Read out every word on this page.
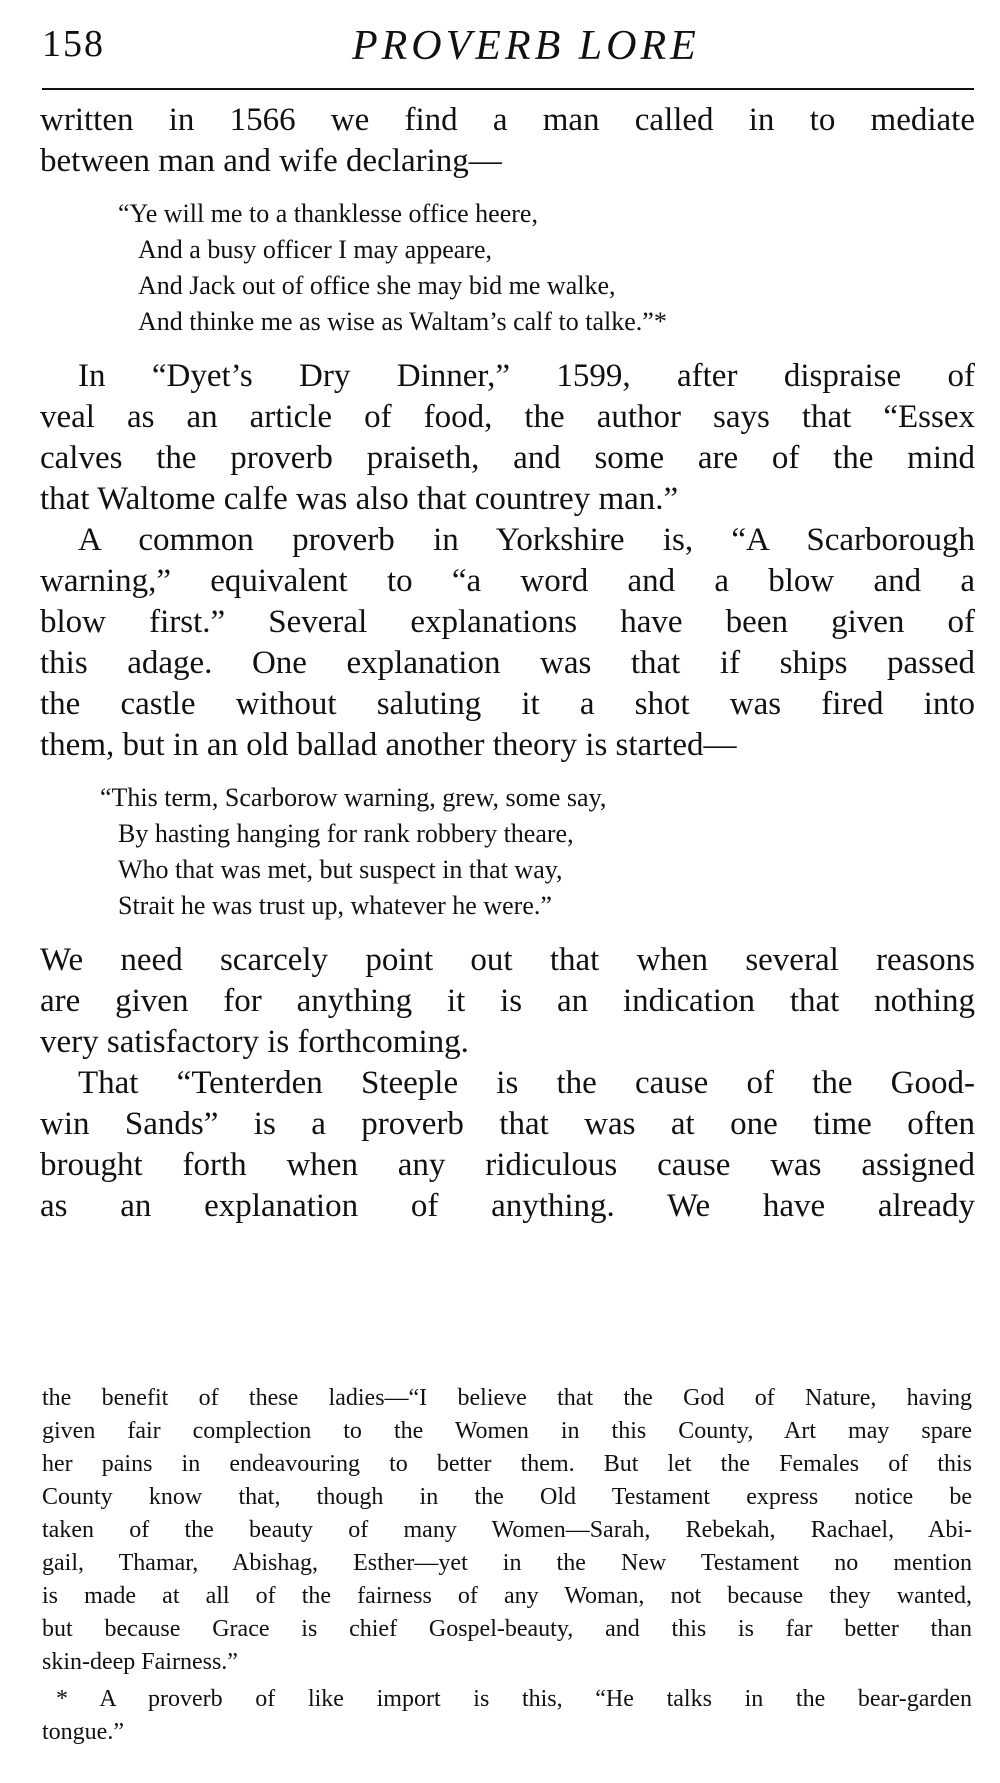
158	PROVERB LORE

written in 1566 we find a man called in to mediate
between man and wife declaring—

“Ye will me to a thanklesse office heere,
And a busy officer I may appeare,
And Jack out of office she may bid me walke,
And thinke me as wise as Waltam’s calf to talke.”*

In “Dyet’s Dry Dinner,” 1599, after dispraise of
veal as an article of food, the author says that “Essex
calves the proverb praiseth, and some are of the mind
that Waltome calfe was also that countrey man.”

A common proverb in Yorkshire is, “A Scarborough
warning,” equivalent to “a word and a blow and a
blow first.” Several explanations have been given of
this adage. One explanation was that if ships passed
the castle without saluting it a shot was fired into
them, but in an old ballad another theory is started—

“This term, Scarborow warning, grew, some say,
By hasting hanging for rank robbery theare,
Who that was met, but suspect in that way,
Strait he was trust up, whatever he were.”

We need scarcely point out that when several reasons
are given for anything it is an indication that nothing
very satisfactory is forthcoming.

That “Tenterden Steeple is the cause of the Good-
win Sands” is a proverb that was at one time often
brought forth when any ridiculous cause was assigned
as an explanation of anything. We have already

the benefit of these ladies—“I believe that the God of Nature, having
given fair complection to the Women in this County, Art may spare
her pains in endeavouring to better them. But let the Females of this
County know that, though in the Old Testament express notice be
taken of the beauty of many Women—Sarah, Rebekah, Rachael, Abi-
gail, Thamar, Abishag, Esther—yet in the New Testament no mention
is made at all of the fairness of any Woman, not because they wanted,
but because Grace is chief Gospel-beauty, and this is far better than
skin-deep Fairness.”
* A proverb of like import is this, “He talks in the bear-garden
tongue.”
